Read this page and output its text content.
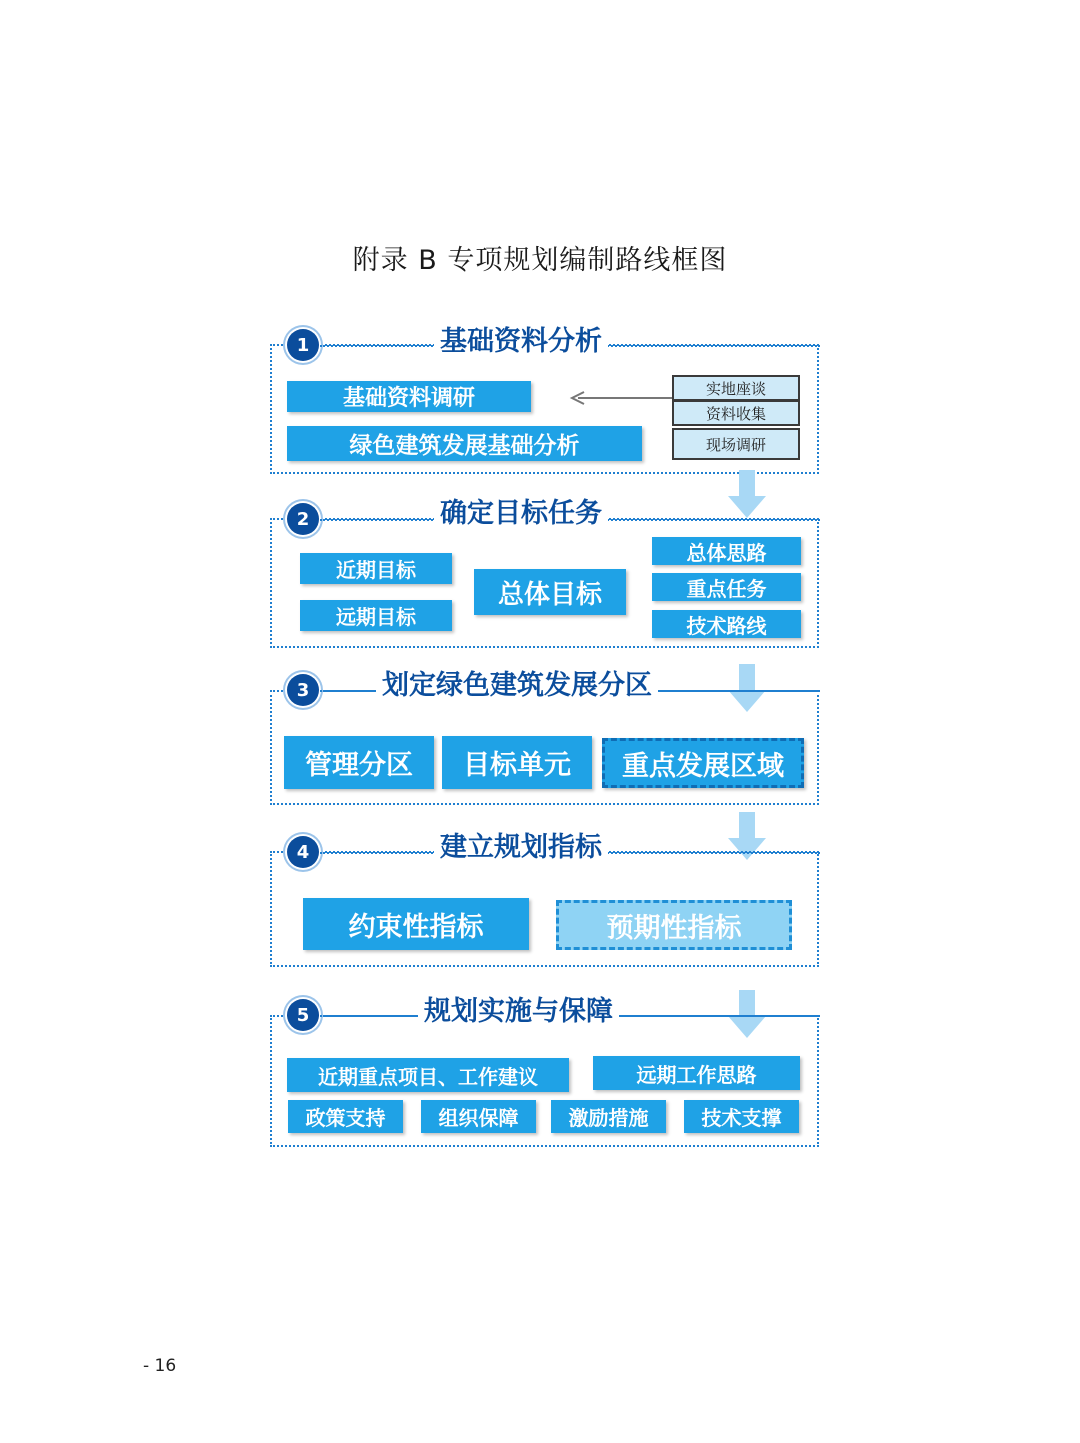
附录 B 专项规划编制路线框图
1	基础资料分析
基础资料调研
绿色建筑发展基础分析
实地座谈
资料收集
现场调研
2	确定目标任务
近期目标
远期目标
总体目标
总体思路
重点任务
技术路线
3	划定绿色建筑发展分区
管理分区	目标单元	重点发展区域
4	建立规划指标
约束性指标	预期性指标
5	规划实施与保障
近期重点项目、工作建议	远期工作思路
政策支持	组织保障	激励措施	技术支撑
- 16
